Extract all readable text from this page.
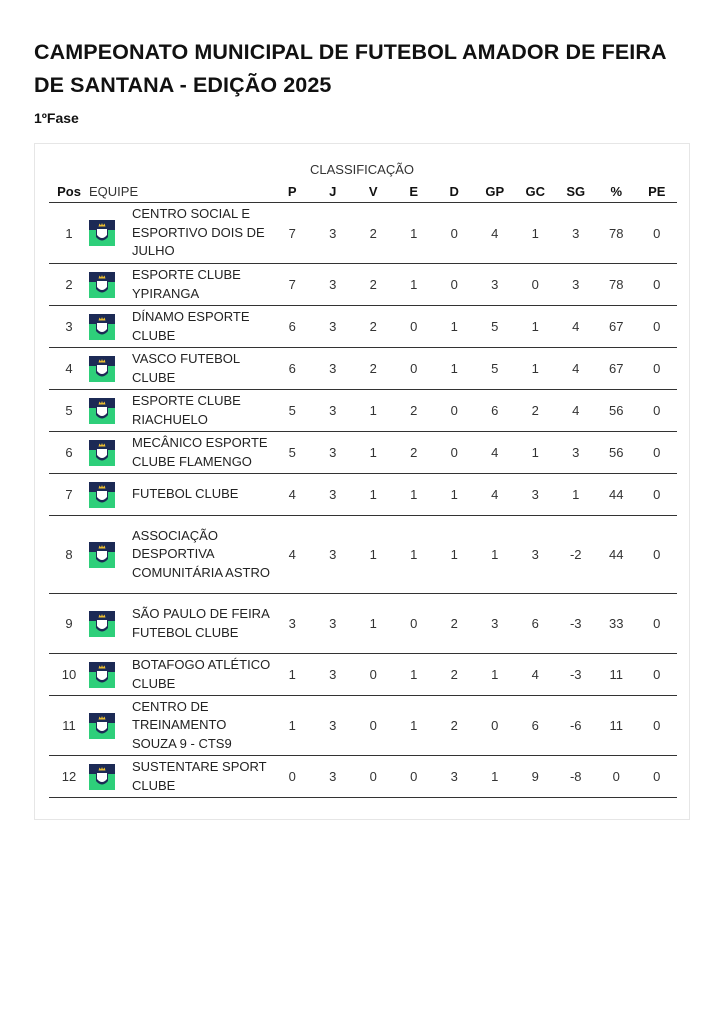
CAMPEONATO MUNICIPAL DE FUTEBOL AMADOR DE FEIRA DE SANTANA - EDIÇÃO 2025
1ºFase
CLASSIFICAÇÃO
Pos	EQUIPE		P	J	V	E	D	GP	GC	SG	%	PE
1		CENTRO SOCIAL E ESPORTIVO DOIS DE JULHO	7	3	2	1	0	4	1	3	78	0
2		ESPORTE CLUBE YPIRANGA	7	3	2	1	0	3	0	3	78	0
3		DÍNAMO ESPORTE CLUBE	6	3	2	0	1	5	1	4	67	0
4		VASCO FUTEBOL CLUBE	6	3	2	0	1	5	1	4	67	0
5		ESPORTE CLUBE RIACHUELO	5	3	1	2	0	6	2	4	56	0
6		MECÂNICO ESPORTE CLUBE FLAMENGO	5	3	1	2	0	4	1	3	56	0
7		FUTEBOL CLUBE	4	3	1	1	1	4	3	1	44	0
8		ASSOCIAÇÃO DESPORTIVA COMUNITÁRIA ASTRO	4	3	1	1	1	1	3	-2	44	0
9		SÃO PAULO DE FEIRA FUTEBOL CLUBE	3	3	1	0	2	3	6	-3	33	0
10		BOTAFOGO ATLÉTICO CLUBE	1	3	0	1	2	1	4	-3	11	0
11		CENTRO DE TREINAMENTO SOUZA 9 - CTS9	1	3	0	1	2	0	6	-6	11	0
12		SUSTENTARE SPORT CLUBE	0	3	0	0	3	1	9	-8	0	0
